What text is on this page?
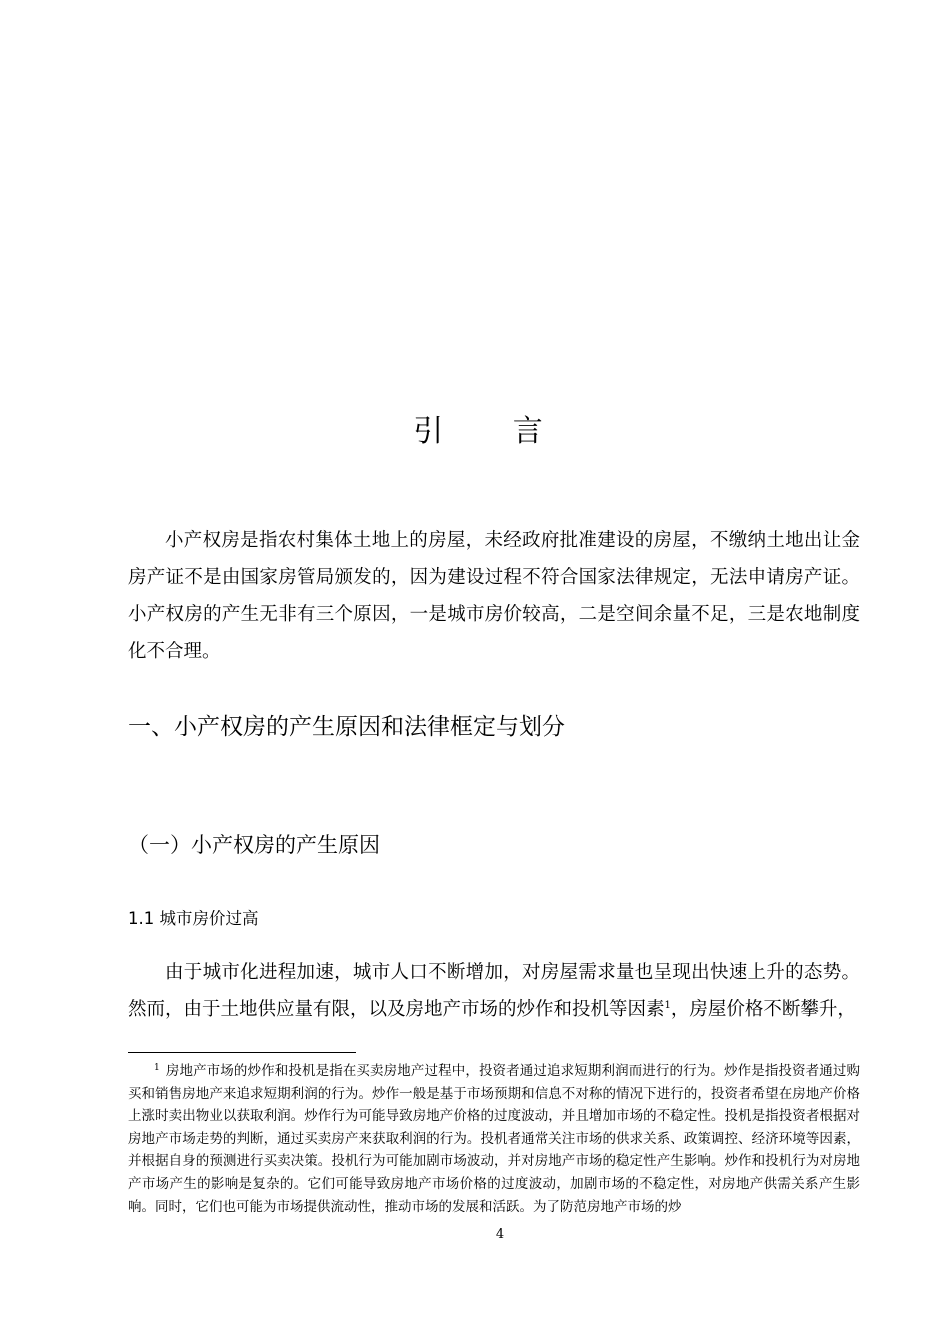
引 言

小产权房是指农村集体土地上的房屋，未经政府批准建设的房屋，不缴纳土地出让金房产证不是由国家房管局颁发的，因为建设过程不符合国家法律规定，无法申请房产证。小产权房的产生无非有三个原因，一是城市房价较高，二是空间余量不足，三是农地制度化不合理。

一、小产权房的产生原因和法律框定与划分
（一）小产权房的产生原因
1.1 城市房价过高

由于城市化进程加速，城市人口不断增加，对房屋需求量也呈现出快速上升的态势。然而，由于土地供应量有限，以及房地产市场的炒作和投机等因素$^1$，房屋价格不断攀升，

$^1$ 房地产市场的炒作和投机是指在买卖房地产过程中，投资者通过追求短期利润而进行的行为。炒作是指投资者通过购买和销售房地产来追求短期利润的行为。炒作一般是基于市场预期和信息不对称的情况下进行的，投资者希望在房地产价格上涨时卖出物业以获取利润。炒作行为可能导致房地产价格的过度波动，并且增加市场的不稳定性。投机是指投资者根据对房地产市场走势的判断，通过买卖房产来获取利润的行为。投机者通常关注市场的供求关系、政策调控、经济环境等因素，并根据自身的预测进行买卖决策。投机行为可能加剧市场波动，并对房地产市场的稳定性产生影响。炒作和投机行为对房地产市场产生的影响是复杂的。它们可能导致房地产市场价格的过度波动，加剧市场的不稳定性，对房地产供需关系产生影响。同时，它们也可能为市场提供流动性，推动市场的发展和活跃。为了防范房地产市场的炒

4
